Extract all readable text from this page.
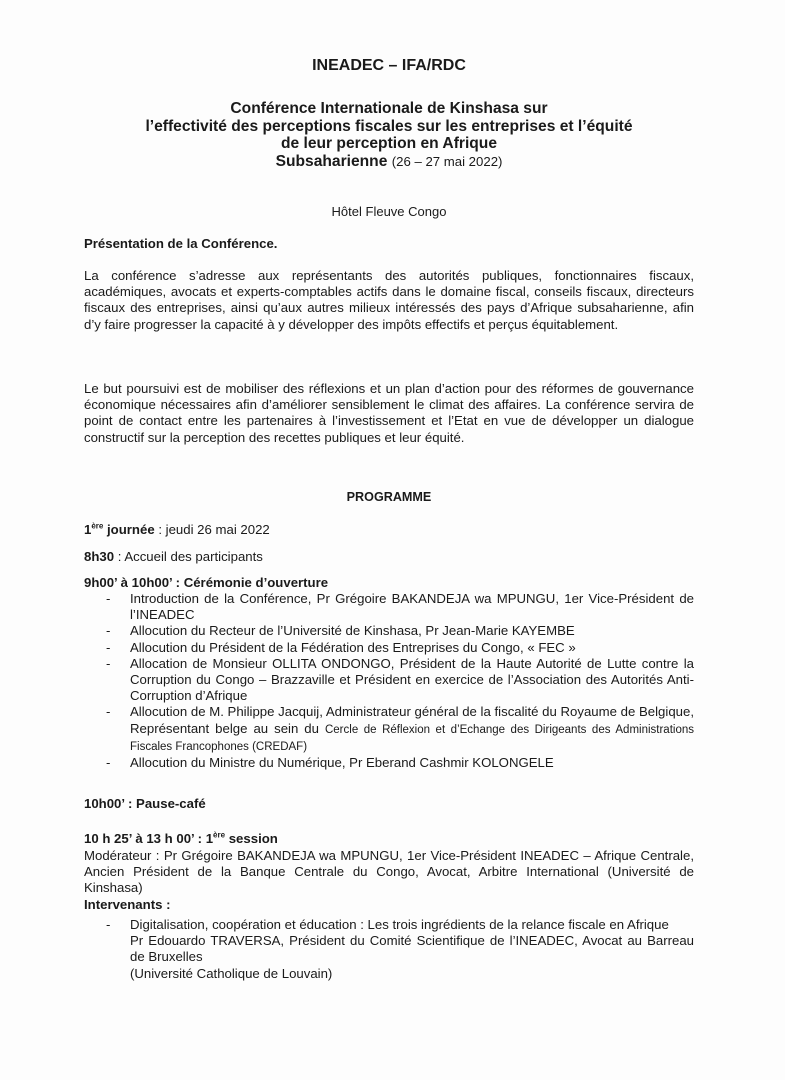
INEADEC – IFA/RDC
Conférence Internationale de Kinshasa sur
l’effectivité des perceptions fiscales sur les entreprises et l’équité
de leur perception en Afrique
Subsaharienne (26 – 27 mai 2022)
Hôtel Fleuve Congo
Présentation de la Conférence.
La conférence s’adresse aux représentants des autorités publiques, fonctionnaires fiscaux, académiques, avocats et experts-comptables actifs dans le domaine fiscal, conseils fiscaux, directeurs fiscaux des entreprises, ainsi qu’aux autres milieux intéressés des pays d’Afrique subsaharienne, afin d’y faire progresser la capacité à y développer des impôts effectifs et perçus équitablement.
Le but poursuivi est de mobiliser des réflexions et un plan d’action pour des réformes de gouvernance économique nécessaires afin d’améliorer sensiblement le climat des affaires. La conférence servira de point de contact entre les partenaires à l’investissement et l’Etat en vue de développer un dialogue constructif sur la perception des recettes publiques et leur équité.
PROGRAMME
1ère journée : jeudi 26 mai 2022
8h30 : Accueil des participants
9h00’ à 10h00’ : Cérémonie d’ouverture
- Introduction de la Conférence, Pr Grégoire BAKANDEJA wa MPUNGU, 1er Vice-Président de l’INEADEC
- Allocution du Recteur de l’Université de Kinshasa, Pr Jean-Marie KAYEMBE
- Allocution du Président de la Fédération des Entreprises du Congo, « FEC »
- Allocation de Monsieur OLLITA ONDONGO, Président de la Haute Autorité de Lutte contre la Corruption du Congo – Brazzaville et Président en exercice de l’Association des Autorités Anti-Corruption d’Afrique
- Allocution de M. Philippe Jacquij, Administrateur général de la fiscalité du Royaume de Belgique, Représentant belge au sein du Cercle de Réflexion et d’Echange des Dirigeants des Administrations Fiscales Francophones (CREDAF)
- Allocution du Ministre du Numérique, Pr Eberand Cashmir KOLONGELE
10h00’ : Pause-café
10 h 25’ à 13 h 00’ : 1ère session
Modérateur : Pr Grégoire BAKANDEJA wa MPUNGU, 1er Vice-Président INEADEC – Afrique Centrale, Ancien Président de la Banque Centrale du Congo, Avocat, Arbitre International (Université de Kinshasa)
Intervenants :
- Digitalisation, coopération et éducation : Les trois ingrédients de la relance fiscale en Afrique
Pr Edouardo TRAVERSA, Président du Comité Scientifique de l’INEADEC, Avocat au Barreau de Bruxelles
(Université Catholique de Louvain)
